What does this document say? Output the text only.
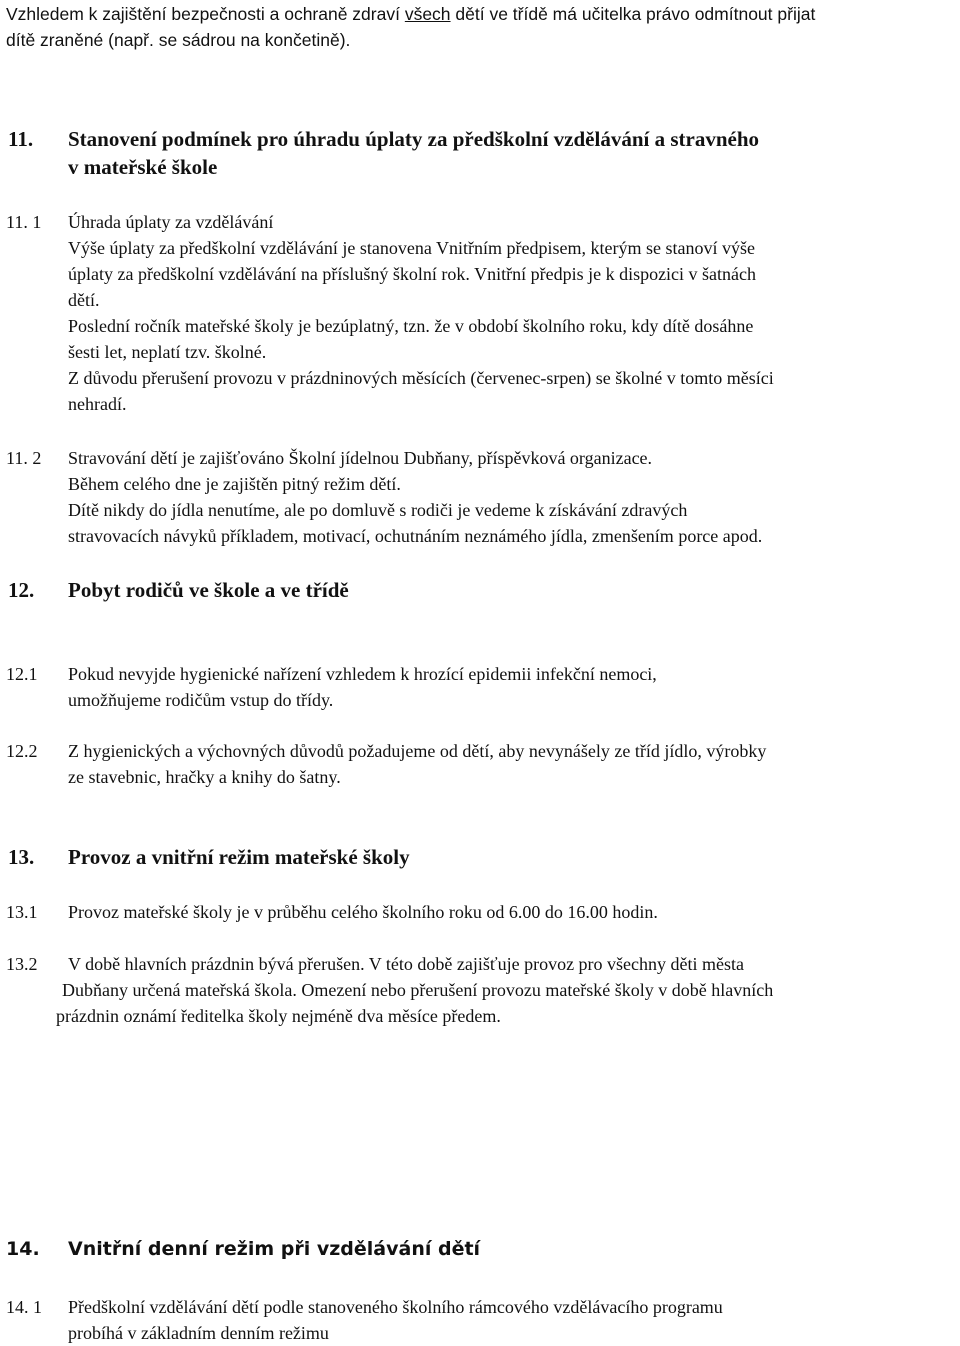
Vzhledem k zajištění bezpečnosti a ochraně zdraví všech dětí ve třídě má učitelka právo odmítnout přijat
dítě zraněné (např. se sádrou na končetině).
11. Stanovení podmínek pro úhradu úplaty za předškolní vzdělávání a stravného
v mateřské škole
11. 1 Úhrada úplaty za vzdělávání
Výše úplaty za předškolní vzdělávání je stanovena Vnitřním předpisem, kterým se stanoví výše
úplaty za předškolní vzdělávání na příslušný školní rok. Vnitřní předpis je k dispozici v šatnách
dětí.
Poslední ročník mateřské školy je bezúplatný, tzn. že v období školního roku, kdy dítě dosáhne
šesti let, neplatí tzv. školné.
Z důvodu přerušení provozu v prázdninových měsících (červenec-srpen) se školné v tomto měsíci
nehradí.
11. 2 Stravování dětí je zajišťováno Školní jídelnou Dubňany, příspěvková organizace.
Během celého dne je zajištěn pitný režim dětí.
Dítě nikdy do jídla nenutíme, ale po domluvě s rodiči je vedeme k získávání zdravých
stravovacích návyků příkladem, motivací, ochutnáním neznámého jídla, zmenšením porce apod.
12. Pobyt rodičů ve škole a ve třídě
12.1 Pokud nevyjde hygienické nařízení vzhledem k hrozící epidemii infekční nemoci,
umožňujeme rodičům vstup do třídy.
12.2 Z hygienických a výchovných důvodů požadujeme od dětí, aby nevynášely ze tříd jídlo, výrobky
ze stavebnic, hračky a knihy do šatny.
13. Provoz a vnitřní režim mateřské školy
13.1 Provoz mateřské školy je v průběhu celého školního roku od 6.00 do 16.00 hodin.
13.2 V době hlavních prázdnin bývá přerušen. V této době zajišťuje provoz pro všechny děti města
Dubňany určená mateřská škola. Omezení nebo přerušení provozu mateřské školy v době hlavních
prázdnin oznámí ředitelka školy nejméně dva měsíce předem.
14. Vnitřní denní režim při vzdělávání dětí
14. 1 Předškolní vzdělávání dětí podle stanoveného školního rámcového vzdělávacího programu
probíhá v základním denním režimu
